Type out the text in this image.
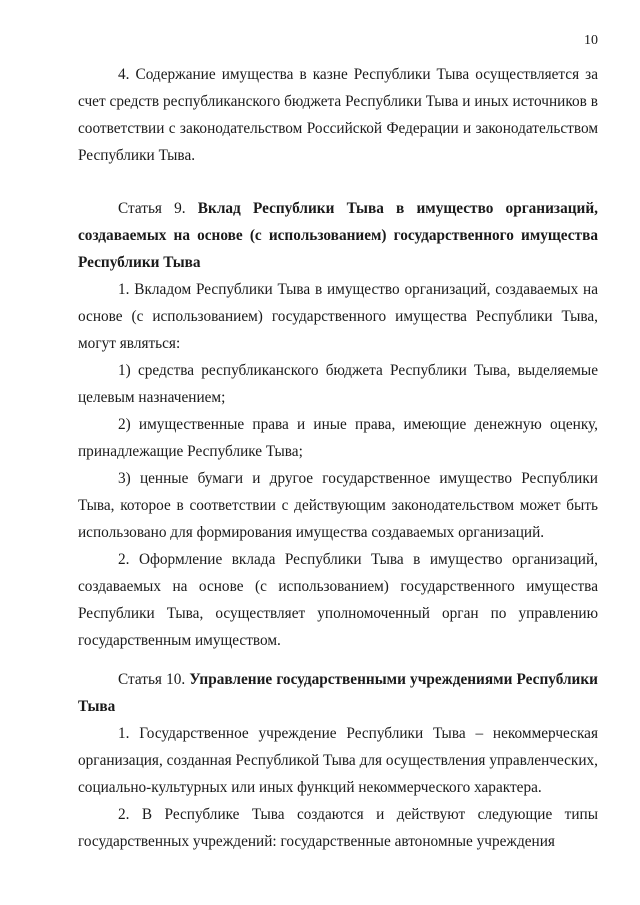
10

4. Содержание имущества в казне Республики Тыва осуществляется за счет средств республиканского бюджета Республики Тыва и иных источников в соответствии с законодательством Российской Федерации и законодательством Республики Тыва.

Статья 9. Вклад Республики Тыва в имущество организаций, создаваемых на основе (с использованием) государственного имущества Республики Тыва

1. Вкладом Республики Тыва в имущество организаций, создаваемых на основе (с использованием) государственного имущества Республики Тыва, могут являться:

1) средства республиканского бюджета Республики Тыва, выделяемые целевым назначением;

2) имущественные права и иные права, имеющие денежную оценку, принадлежащие Республике Тыва;

3) ценные бумаги и другое государственное имущество Республики Тыва, которое в соответствии с действующим законодательством может быть использовано для формирования имущества создаваемых организаций.

2. Оформление вклада Республики Тыва в имущество организаций, создаваемых на основе (с использованием) государственного имущества Республики Тыва, осуществляет уполномоченный орган по управлению государственным имуществом.

Статья 10. Управление государственными учреждениями Республики Тыва

1. Государственное учреждение Республики Тыва – некоммерческая организация, созданная Республикой Тыва для осуществления управленческих, социально-культурных или иных функций некоммерческого характера.

2. В Республике Тыва создаются и действуют следующие типы государственных учреждений: государственные автономные учреждения
